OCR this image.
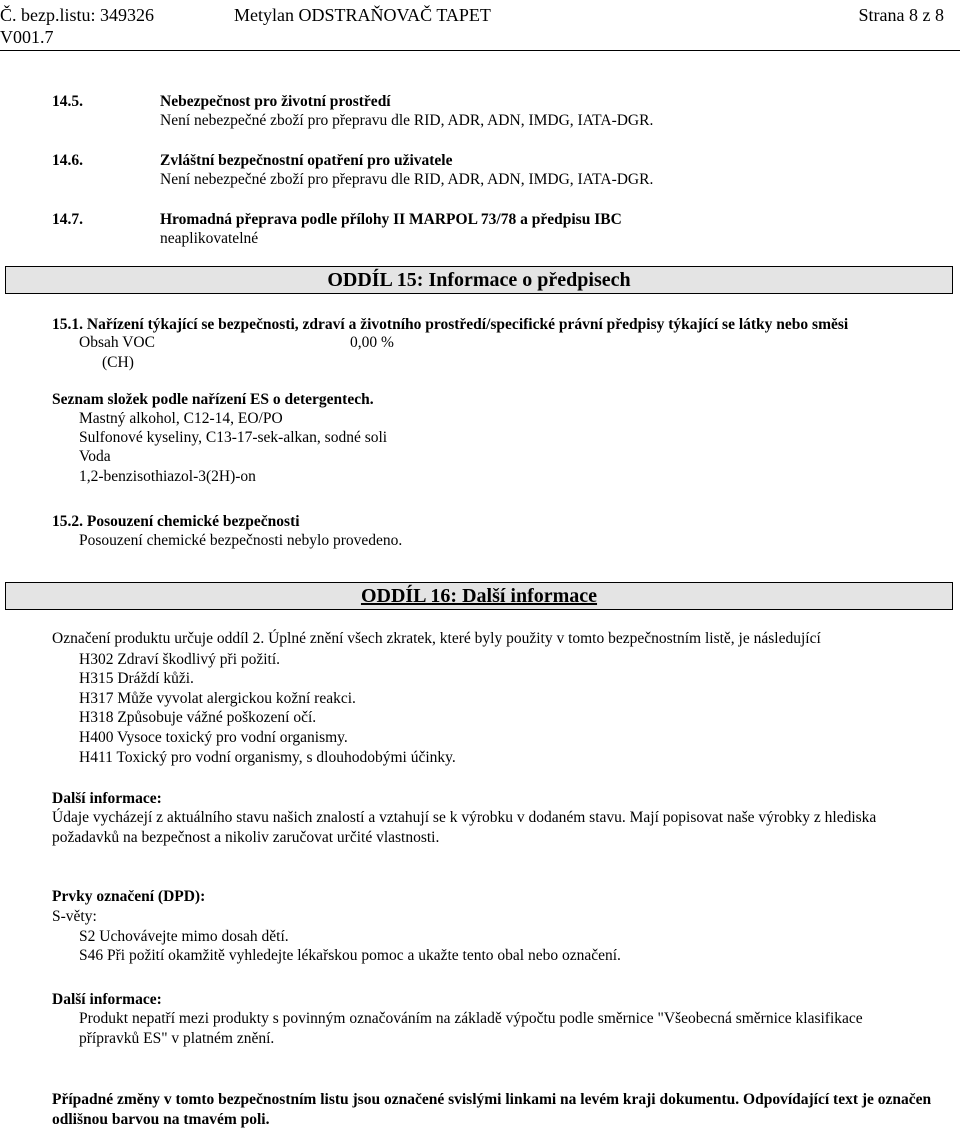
Č. bezp.listu: 349326
V001.7
Metylan ODSTRAŇOVAČ TAPET	Strana 8 z 8
14.5.	Nebezpečnost pro životní prostředí
Není nebezpečné zboží pro přepravu dle RID, ADR, ADN, IMDG, IATA-DGR.
14.6.	Zvláštní bezpečnostní opatření pro uživatele
Není nebezpečné zboží pro přepravu dle RID, ADR, ADN, IMDG, IATA-DGR.
14.7.	Hromadná přeprava podle přílohy II MARPOL 73/78 a předpisu IBC
neaplikovatelné
ODDÍL 15: Informace o předpisech
15.1. Nařízení týkající se bezpečnosti, zdraví a životního prostředí/specifické právní předpisy týkající se látky nebo směsi
Obsah VOC	0,00 %
(CH)
Seznam složek podle nařízení ES o detergentech.
Mastný alkohol, C12-14, EO/PO
Sulfonové kyseliny, C13-17-sek-alkan, sodné soli
Voda
1,2-benzisothiazol-3(2H)-on
15.2. Posouzení chemické bezpečnosti
Posouzení chemické bezpečnosti nebylo provedeno.
ODDÍL 16: Další informace
Označení produktu určuje oddíl 2. Úplné znění všech zkratek, které byly použity v tomto bezpečnostním listě, je následující
H302 Zdraví škodlivý při požití.
H315 Dráždí kůži.
H317 Může vyvolat alergickou kožní reakci.
H318 Způsobuje vážné poškození očí.
H400 Vysoce toxický pro vodní organismy.
H411 Toxický pro vodní organismy, s dlouhodobými účinky.
Další informace:
Údaje vycházejí z aktuálního stavu našich znalostí a vztahují se k výrobku v dodaném stavu. Mají popisovat naše výrobky z hlediska požadavků na bezpečnost a nikoliv zaručovat určité vlastnosti.
Prvky označení (DPD):
S-věty:
S2 Uchovávejte mimo dosah dětí.
S46 Při požití okamžitě vyhledejte lékařskou pomoc a ukažte tento obal nebo označení.
Další informace:
Produkt nepatří mezi produkty s povinným označováním na základě výpočtu podle směrnice "Všeobecná směrnice klasifikace přípravků ES" v platném znění.
Případné změny v tomto bezpečnostním listu jsou označené svislými linkami na levém kraji dokumentu. Odpovídající text je označen odlišnou barvou na tmavém poli.
